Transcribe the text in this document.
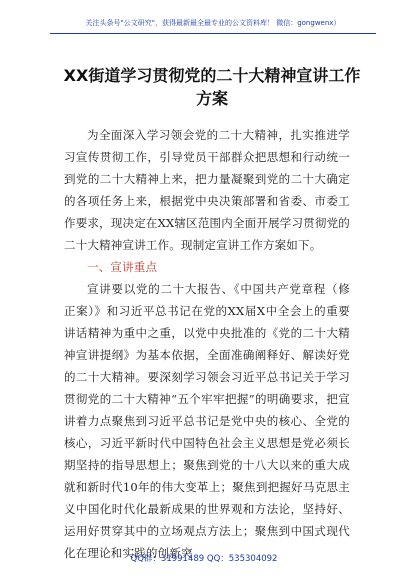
关注头条号"公文研究"，获得最新最全最专业的公文资料库！ 微信：gongwenx）
XX街道学习贯彻党的二十大精神宣讲工作方案

为全面深入学习领会党的二十大精神，扎实推进学习宣传贯彻工作，引导党员干部群众把思想和行动统一到党的二十大精神上来，把力量凝聚到党的二十大确定的各项任务上来，根据党中央决策部署和省委、市委工作要求，现决定在XX辖区范围内全面开展学习贯彻党的二十大精神宣讲工作。现制定宣讲工作方案如下。

一、宣讲重点

宣讲要以党的二十大报告、《中国共产党章程（修正案）》和习近平总书记在党的XX届X中全会上的重要讲话精神为重中之重，以党中央批准的《党的二十大精神宣讲提纲》为基本依据，全面准确阐释好、解读好党的二十大精神。要深刻学习领会习近平总书记关于学习贯彻党的二十大精神“五个牢牢把握”的明确要求，把宣讲着力点聚焦到习近平总书记是党中央的核心、全党的核心，习近平新时代中国特色社会主义思想是党必须长期坚持的指导思想上；聚焦到党的十八大以来的重大成就和新时代10年的伟大变革上；聚焦到把握好马克思主义中国化时代化最新成果的世界观和方法论，坚持好、运用好贯穿其中的立场观点方法上；聚焦到中国式现代化在理论和实践的创新突

QQ群：31991489 QQ：535304092
